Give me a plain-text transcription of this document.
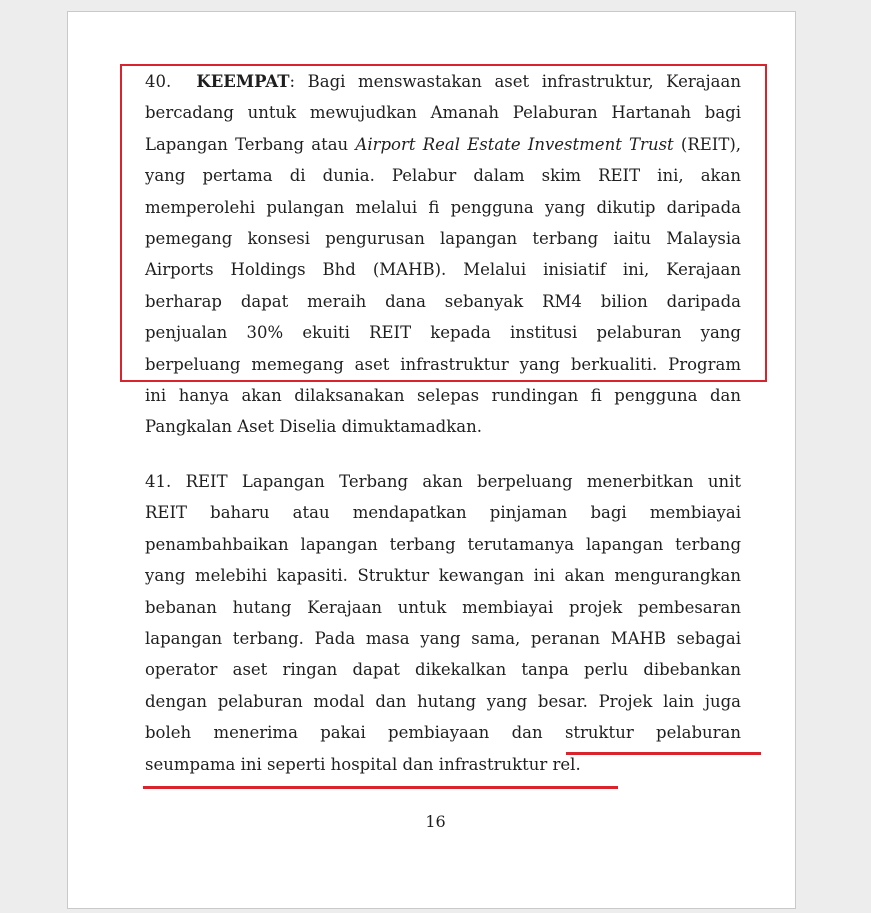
40. KEEMPAT: Bagi menswastakan aset infrastruktur, Kerajaan
bercadang untuk mewujudkan Amanah Pelaburan Hartanah bagi
Lapangan Terbang atau Airport Real Estate Investment Trust (REIT),
yang pertama di dunia. Pelabur dalam skim REIT ini, akan
memperolehi pulangan melalui fi pengguna yang dikutip daripada
pemegang konsesi pengurusan lapangan terbang iaitu Malaysia
Airports Holdings Bhd (MAHB). Melalui inisiatif ini, Kerajaan
berharap dapat meraih dana sebanyak RM4 bilion daripada
penjualan 30% ekuiti REIT kepada institusi pelaburan yang
berpeluang memegang aset infrastruktur yang berkualiti. Program
ini hanya akan dilaksanakan selepas rundingan fi pengguna dan
Pangkalan Aset Diselia dimuktamadkan.
41. REIT Lapangan Terbang akan berpeluang menerbitkan unit
REIT baharu atau mendapatkan pinjaman bagi membiayai
penambahbaikan lapangan terbang terutamanya lapangan terbang
yang melebihi kapasiti. Struktur kewangan ini akan mengurangkan
bebanan hutang Kerajaan untuk membiayai projek pembesaran
lapangan terbang. Pada masa yang sama, peranan MAHB sebagai
operator aset ringan dapat dikekalkan tanpa perlu dibebankan
dengan pelaburan modal dan hutang yang besar. Projek lain juga
boleh menerima pakai pembiayaan dan struktur pelaburan
seumpama ini seperti hospital dan infrastruktur rel.
16
